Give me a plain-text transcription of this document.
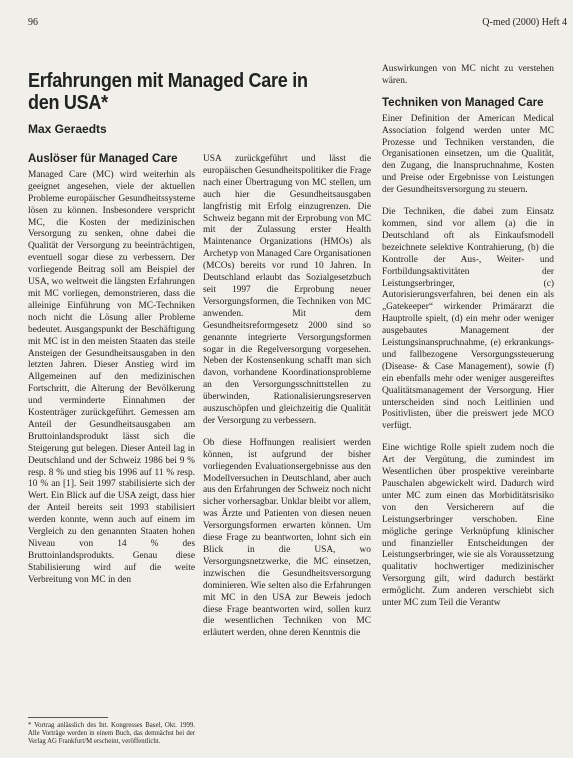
96	Q-med (2000) Heft 4
Erfahrungen mit Managed Care in den USA*
Max Geraedts
Auslöser für Managed Care

Managed Care (MC) wird weiterhin als geeignet angesehen, viele der aktuellen Probleme europäischer Gesundheitssysteme lösen zu können. Insbesondere verspricht MC, die Kosten der medizinischen Versorgung zu senken, ohne dabei die Qualität der Versorgung zu beeinträchtigen, eventuell sogar diese zu verbessern. Der vorliegende Beitrag soll am Beispiel der USA, wo weltweit die längsten Erfahrungen mit MC vorliegen, demonstrieren, dass die alleinige Einführung von MC-Techniken noch nicht die Lösung aller Probleme bedeutet. Ausgangspunkt der Beschäftigung mit MC ist in den meisten Staaten das steile Ansteigen der Gesundheitsausgaben in den letzten Jahren. Dieser Anstieg wird im Allgemeinen auf den medizinischen Fortschritt, die Alterung der Bevölkerung und verminderte Einnahmen der Kostenträger zurückgeführt. Gemessen am Anteil der Gesundheitsausgaben am Bruttoinlandsprodukt lässt sich die Steigerung gut belegen. Dieser Anteil lag in Deutschland und der Schweiz 1986 bei 9 % resp. 8 % und stieg bis 1996 auf 11 % resp. 10 % an [1]. Seit 1997 stabilisierte sich der Wert. Ein Blick auf die USA zeigt, dass hier der Anteil bereits seit 1993 stabilisiert werden konnte, wenn auch auf einem im Vergleich zu den genannten Staaten hohen Niveau von 14 % des Bruttoinlandsprodukts. Genau diese Stabilisierung wird auf die weite Verbreitung von MC in den

USA zurückgeführt und lässt die europäischen Gesundheitspolitiker die Frage nach einer Übertragung von MC stellen, um auch hier die Gesundheitsausgaben langfristig mit Erfolg einzugrenzen. Die Schweiz begann mit der Erprobung von MC mit der Zulassung erster Health Maintenance Organizations (HMOs) als Archetyp von Managed Care Organisationen (MCOs) bereits vor rund 10 Jahren. In Deutschland erlaubt das Sozialgesetzbuch seit 1997 die Erprobung neuer Versorgungsformen, die Techniken von MC anwenden. Mit dem Gesundheitsreformgesetz 2000 sind so genannte integrierte Versorgungsformen sogar in die Regelversorgung vorgesehen. Neben der Kostensenkung schafft man sich davon, vorhandene Koordinationsprobleme an den Versorgungsschnittstellen zu überwinden, Rationalisierungsreserven auszuschöpfen und gleichzeitig die Qualität der Versorgung zu verbessern.

Ob diese Hoffnungen realisiert werden können, ist aufgrund der bisher vorliegenden Evaluationsergebnisse aus den Modellversuchen in Deutschland, aber auch aus den Erfahrungen der Schweiz noch nicht sicher vorhersagbar. Unklar bleibt vor allem, was Ärzte und Patienten von diesen neuen Versorgungsformen erwarten können. Um diese Frage zu beantworten, lohnt sich ein Blick in die USA, wo Versorgungsnetzwerke, die MC einsetzen, inzwischen die Gesundheitsversorgung dominieren. Wie selten also die Erfahrungen mit MC in den USA zur Beweis jedoch diese Frage beantworten wird, sollen kurz die wesentlichen Techniken von MC erläutert werden, ohne deren Kenntnis die

Auswirkungen von MC nicht zu verstehen wären.

Techniken von Managed Care

Einer Definition der American Medical Association folgend werden unter MC Prozesse und Techniken verstanden, die Organisationen einsetzen, um die Qualität, den Zugang, die Inanspruchnahme, Kosten und Preise oder Ergebnisse von Leistungen der Gesundheitsversorgung zu steuern.

Die Techniken, die dabei zum Einsatz kommen, sind vor allem (a) die in Deutschland oft als Einkaufsmodell bezeichnete selektive Kontrahierung, (b) die Kontrolle der Aus-, Weiter- und Fortbildungsaktivitäten der Leistungserbringer, (c) Autorisierungsverfahren, bei denen ein als „Gatekeeper“ wirkender Primärarzt die Hauptrolle spielt, (d) ein mehr oder weniger ausgebautes Management der Leistungsinanspruchnahme, (e) erkrankungs- und fallbezogene Versorgungssteuerung (Disease- & Case Management), sowie (f) ein ebenfalls mehr oder weniger ausgereiftes Qualitätsmanagement der Versorgung. Hier unterscheiden sind noch Leitlinien und Positivlisten, über die preiswert jede MCO verfügt.

Eine wichtige Rolle spielt zudem noch die Art der Vergütung, die zumindest im Wesentlichen über prospektive vereinbarte Pauschalen abgewickelt wird. Dadurch wird unter MC zum einen das Morbiditätsrisiko von den Versicherern auf die Leistungserbringer verschoben. Eine mögliche geringe Verknüpfung klinischer und finanzieller Entscheidungen der Leistungserbringer, wie sie als Voraussetzung qualitativ hochwertiger medizinischer Versorgung gilt, wird dadurch bestärkt ermöglicht. Zum anderen verschiebt sich unter MC zum Teil die Verantw

* Vortrag anlässlich des Int. Kongresses Basel, Okt. 1999. Alle Vorträge werden in einem Buch, das demnächst bei der Verlag AG Frankfurt/M erscheint, veröffentlicht.
